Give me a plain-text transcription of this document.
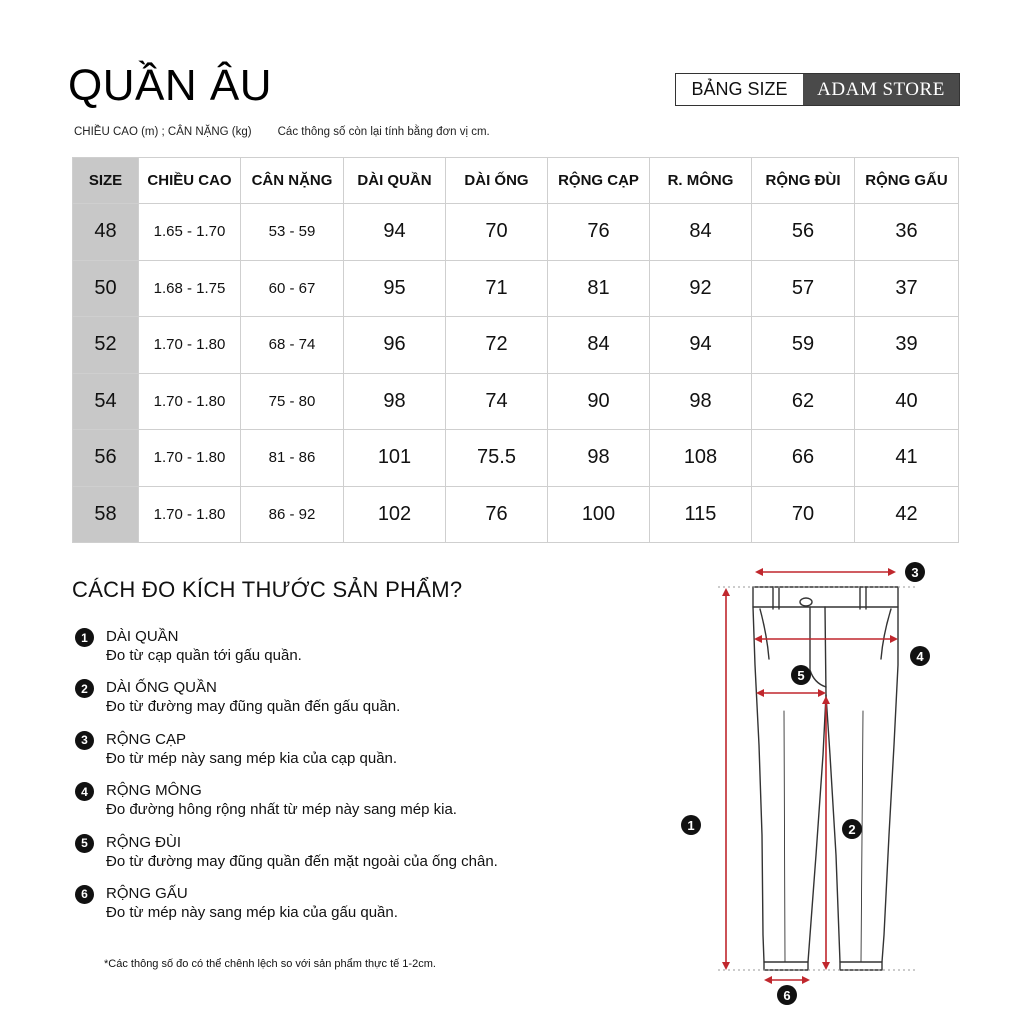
QUẦN ÂU	BẢNG SIZE	ADAM STORE
CHIỀU CAO (m) ; CÂN NẶNG (kg) Các thông số còn lại tính bằng đơn vị cm.
SIZE	CHIỀU CAO	CÂN NẶNG	DÀI QUẦN	DÀI ỐNG	RỘNG CẠP	R. MÔNG	RỘNG ĐÙI	RỘNG GẤU
48	1.65 - 1.70	53 - 59	94	70	76	84	56	36
50	1.68 - 1.75	60 - 67	95	71	81	92	57	37
52	1.70 - 1.80	68 - 74	96	72	84	94	59	39
54	1.70 - 1.80	75 - 80	98	74	90	98	62	40
56	1.70 - 1.80	81 - 86	101	75.5	98	108	66	41
58	1.70 - 1.80	86 - 92	102	76	100	115	70	42
CÁCH ĐO KÍCH THƯỚC SẢN PHẨM?
1	DÀI QUẦN
Đo từ cạp quần tới gấu quần.
2	DÀI ỐNG QUẦN
Đo từ đường may đũng quần đến gấu quần.
3	RỘNG CẠP
Đo từ mép này sang mép kia của cạp quần.
4	RỘNG MÔNG
Đo đường hông rộng nhất từ mép này sang mép kia.
5	RỘNG ĐÙI
Đo từ đường may đũng quần đến mặt ngoài của ống chân.
6	RỘNG GẤU
Đo từ mép này sang mép kia của gấu quần.
*Các thông số đo có thể chênh lệch so với sản phẩm thực tế 1-2cm.
3
4
5
1	2
6
